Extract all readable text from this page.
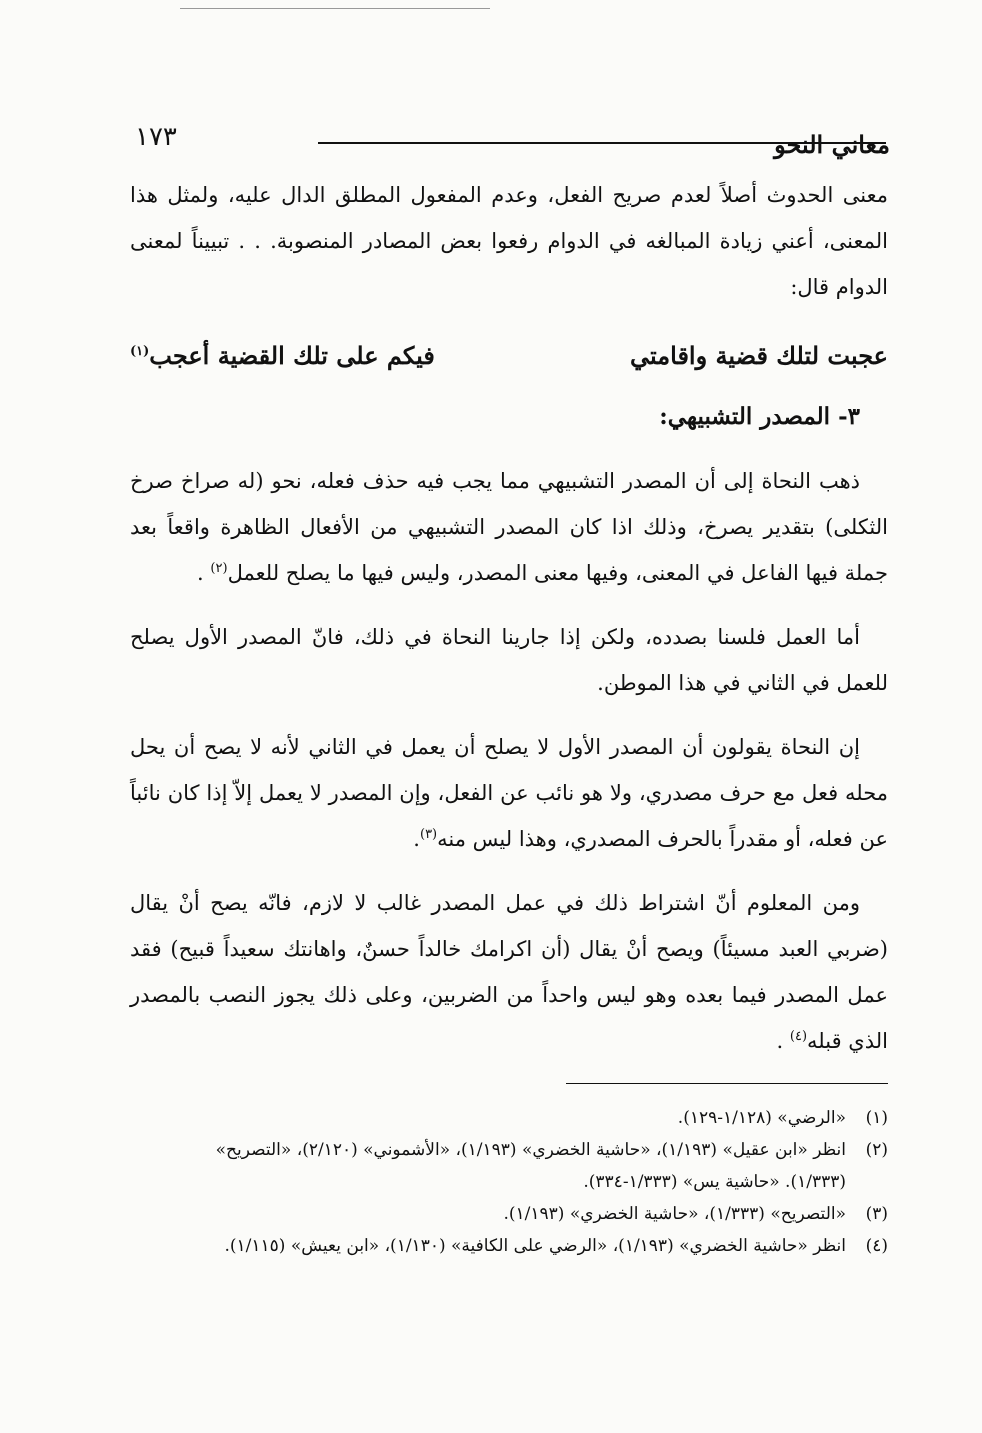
١٧٣	معاني النحو

معنى الحدوث أصلاً لعدم صريح الفعل، وعدم المفعول المطلق الدال عليه، ولمثل هذا المعنى، أعني زيادة المبالغه في الدوام رفعوا بعض المصادر المنصوبة. . . تبييناً لمعنى الدوام قال:

عجبت لتلك قضية واقامتي
فيكم على تلك القضية أعجب$^{(١)}$

٣- المصدر التشبيهي:

ذهب النحاة إلى أن المصدر التشبيهي مما يجب فيه حذف فعله، نحو (له صراخ صرخ الثكلى) بتقدير يصرخ، وذلك اذا كان المصدر التشبيهي من الأفعال الظاهرة واقعاً بعد جملة فيها الفاعل في المعنى، وفيها معنى المصدر، وليس فيها ما يصلح للعمل$^{(٢)}$ .

أما العمل فلسنا بصدده، ولكن إذا جارينا النحاة في ذلك، فانّ المصدر الأول يصلح للعمل في الثاني في هذا الموطن.

إن النحاة يقولون أن المصدر الأول لا يصلح أن يعمل في الثاني لأنه لا يصح أن يحل محله فعل مع حرف مصدري، ولا هو نائب عن الفعل، وإن المصدر لا يعمل إلاّ إذا كان نائباً عن فعله، أو مقدراً بالحرف المصدري، وهذا ليس منه$^{(٣)}$.

ومن المعلوم أنّ اشتراط ذلك في عمل المصدر غالب لا لازم، فانّه يصح أنْ يقال (ضربي العبد مسيئاً) ويصح أنْ يقال (أن اكرامك خالداً حسنٌ، واهانتك سعيداً قبيح) فقد عمل المصدر فيما بعده وهو ليس واحداً من الضربين، وعلى ذلك يجوز النصب بالمصدر الذي قبله$^{(٤)}$ .

(١)
«الرضي» (١/١٢٨-١٢٩).
(٢)
انظر «ابن عقيل» (١/١٩٣)، «حاشية الخضري» (١/١٩٣)، «الأشموني» (٢/١٢٠)، «التصريح»
(١/٣٣٣). «حاشية يس» (١/٣٣٣-٣٣٤).
(٣)
«التصريح» (١/٣٣٣)، «حاشية الخضري» (١/١٩٣).
(٤)
انظر «حاشية الخضري» (١/١٩٣)، «الرضي على الكافية» (١/١٣٠)، «ابن يعيش» (١/١١٥).
